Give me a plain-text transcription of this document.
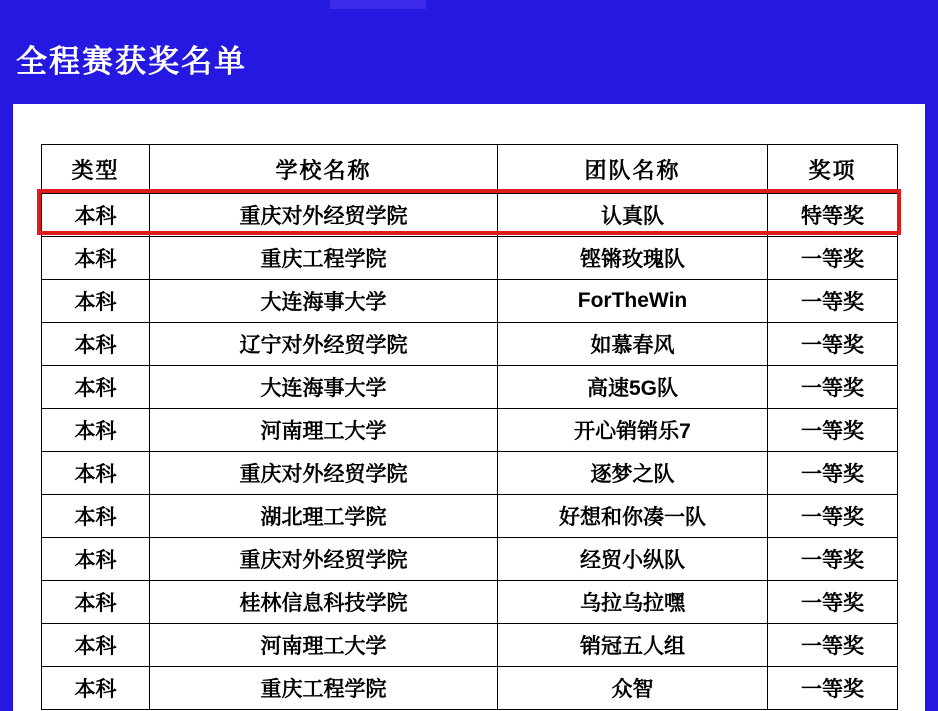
全程赛获奖名单
类型	学校名称	团队名称	奖项
本科	重庆对外经贸学院	认真队	特等奖
本科	重庆工程学院	铿锵玫瑰队	一等奖
本科	大连海事大学	ForTheWin	一等奖
本科	辽宁对外经贸学院	如慕春风	一等奖
本科	大连海事大学	高速5G队	一等奖
本科	河南理工大学	开心销销乐7	一等奖
本科	重庆对外经贸学院	逐梦之队	一等奖
本科	湖北理工学院	好想和你凑一队	一等奖
本科	重庆对外经贸学院	经贸小纵队	一等奖
本科	桂林信息科技学院	乌拉乌拉嘿	一等奖
本科	河南理工大学	销冠五人组	一等奖
本科	重庆工程学院	众智	一等奖
